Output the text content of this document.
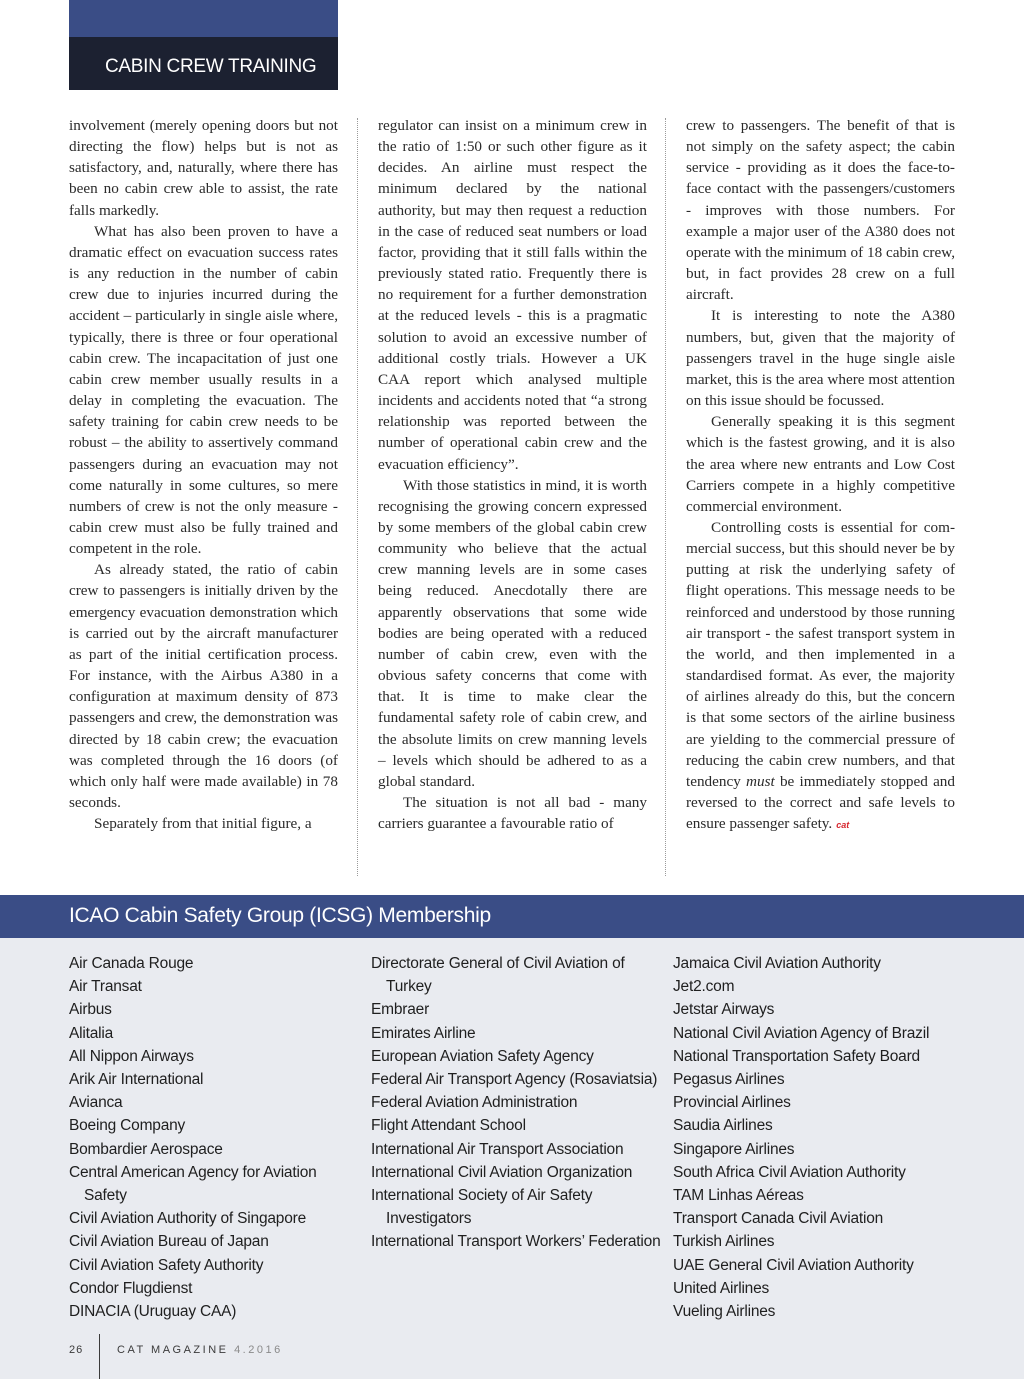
CABIN CREW TRAINING

involvement (merely opening doors but not directing the flow) helps but is not as satisfactory, and, naturally, where there has been no cabin crew able to assist, the rate falls markedly.

What has also been proven to have a dramatic effect on evacuation success rates is any reduction in the number of cabin crew due to injuries incurred during the accident – particularly in single aisle where, typically, there is three or four operational cabin crew. The incapacitation of just one cabin crew member usually results in a delay in completing the evacuation. The safety training for cabin crew needs to be robust – the ability to assertively command passengers during an evacuation may not come naturally in some cultures, so mere numbers of crew is not the only measure - cabin crew must also be fully trained and competent in the role.

As already stated, the ratio of cabin crew to passengers is initially driven by the emergency evacuation demonstration which is carried out by the aircraft manufacturer as part of the initial certification process. For instance, with the Airbus A380 in a configuration at maximum density of 873 passengers and crew, the demonstration was directed by 18 cabin crew; the evacuation was completed through the 16 doors (of which only half were made available) in 78 seconds.

Separately from that initial figure, a

regulator can insist on a minimum crew in the ratio of 1:50 or such other figure as it decides. An airline must respect the minimum declared by the national authority, but may then request a reduction in the case of reduced seat numbers or load factor, providing that it still falls within the previously stated ratio. Frequently there is no requirement for a further demonstration at the reduced levels - this is a pragmatic solution to avoid an excessive number of additional costly trials. However a UK CAA report which analysed multiple incidents and accidents noted that “a strong relationship was reported between the number of operational cabin crew and the evacuation efficiency”.

With those statistics in mind, it is worth recognising the growing concern expressed by some members of the global cabin crew community who believe that the actual crew manning levels are in some cases being reduced. Anecdotally there are apparently observations that some wide bodies are being operated with a reduced number of cabin crew, even with the obvious safety concerns that come with that. It is time to make clear the fundamental safety role of cabin crew, and the absolute limits on crew manning levels – levels which should be adhered to as a global standard.

The situation is not all bad - many carriers guarantee a favourable ratio of

crew to passengers. The benefit of that is not simply on the safety aspect; the cabin service - providing as it does the face-to-face contact with the passengers/customers - improves with those numbers. For example a major user of the A380 does not operate with the minimum of 18 cabin crew, but, in fact provides 28 crew on a full aircraft.

It is interesting to note the A380 numbers, but, given that the majority of passengers travel in the huge single aisle market, this is the area where most attention on this issue should be focussed.

Generally speaking it is this segment which is the fastest growing, and it is also the area where new entrants and Low Cost Carriers compete in a highly competitive commercial environment.

Controlling costs is essential for commercial success, but this should never be by putting at risk the underlying safety of flight operations. This message needs to be reinforced and understood by those running air transport - the safest transport system in the world, and then implemented in a standardised format. As ever, the majority of airlines already do this, but the concern is that some sectors of the airline business are yielding to the commercial pressure of reducing the cabin crew numbers, and that tendency must be immediately stopped and reversed to the correct and safe levels to ensure passenger safety. cat

ICAO Cabin Safety Group (ICSG) Membership
Air Canada Rouge
Air Transat
Airbus
Alitalia
All Nippon Airways
Arik Air International
Avianca
Boeing Company
Bombardier Aerospace
Central American Agency for Aviation Safety
Civil Aviation Authority of Singapore
Civil Aviation Bureau of Japan
Civil Aviation Safety Authority
Condor Flugdienst
DINACIA (Uruguay CAA)
Directorate General of Civil Aviation of Turkey
Embraer
Emirates Airline
European Aviation Safety Agency
Federal Air Transport Agency (Rosaviatsia)
Federal Aviation Administration
Flight Attendant School
International Air Transport Association
International Civil Aviation Organization
International Society of Air Safety Investigators
International Transport Workers’ Federation
Jamaica Civil Aviation Authority
Jet2.com
Jetstar Airways
National Civil Aviation Agency of Brazil
National Transportation Safety Board
Pegasus Airlines
Provincial Airlines
Saudia Airlines
Singapore Airlines
South Africa Civil Aviation Authority
TAM Linhas Aéreas
Transport Canada Civil Aviation
Turkish Airlines
UAE General Civil Aviation Authority
United Airlines
Vueling Airlines
26	CAT MAGAZINE 4.2016
